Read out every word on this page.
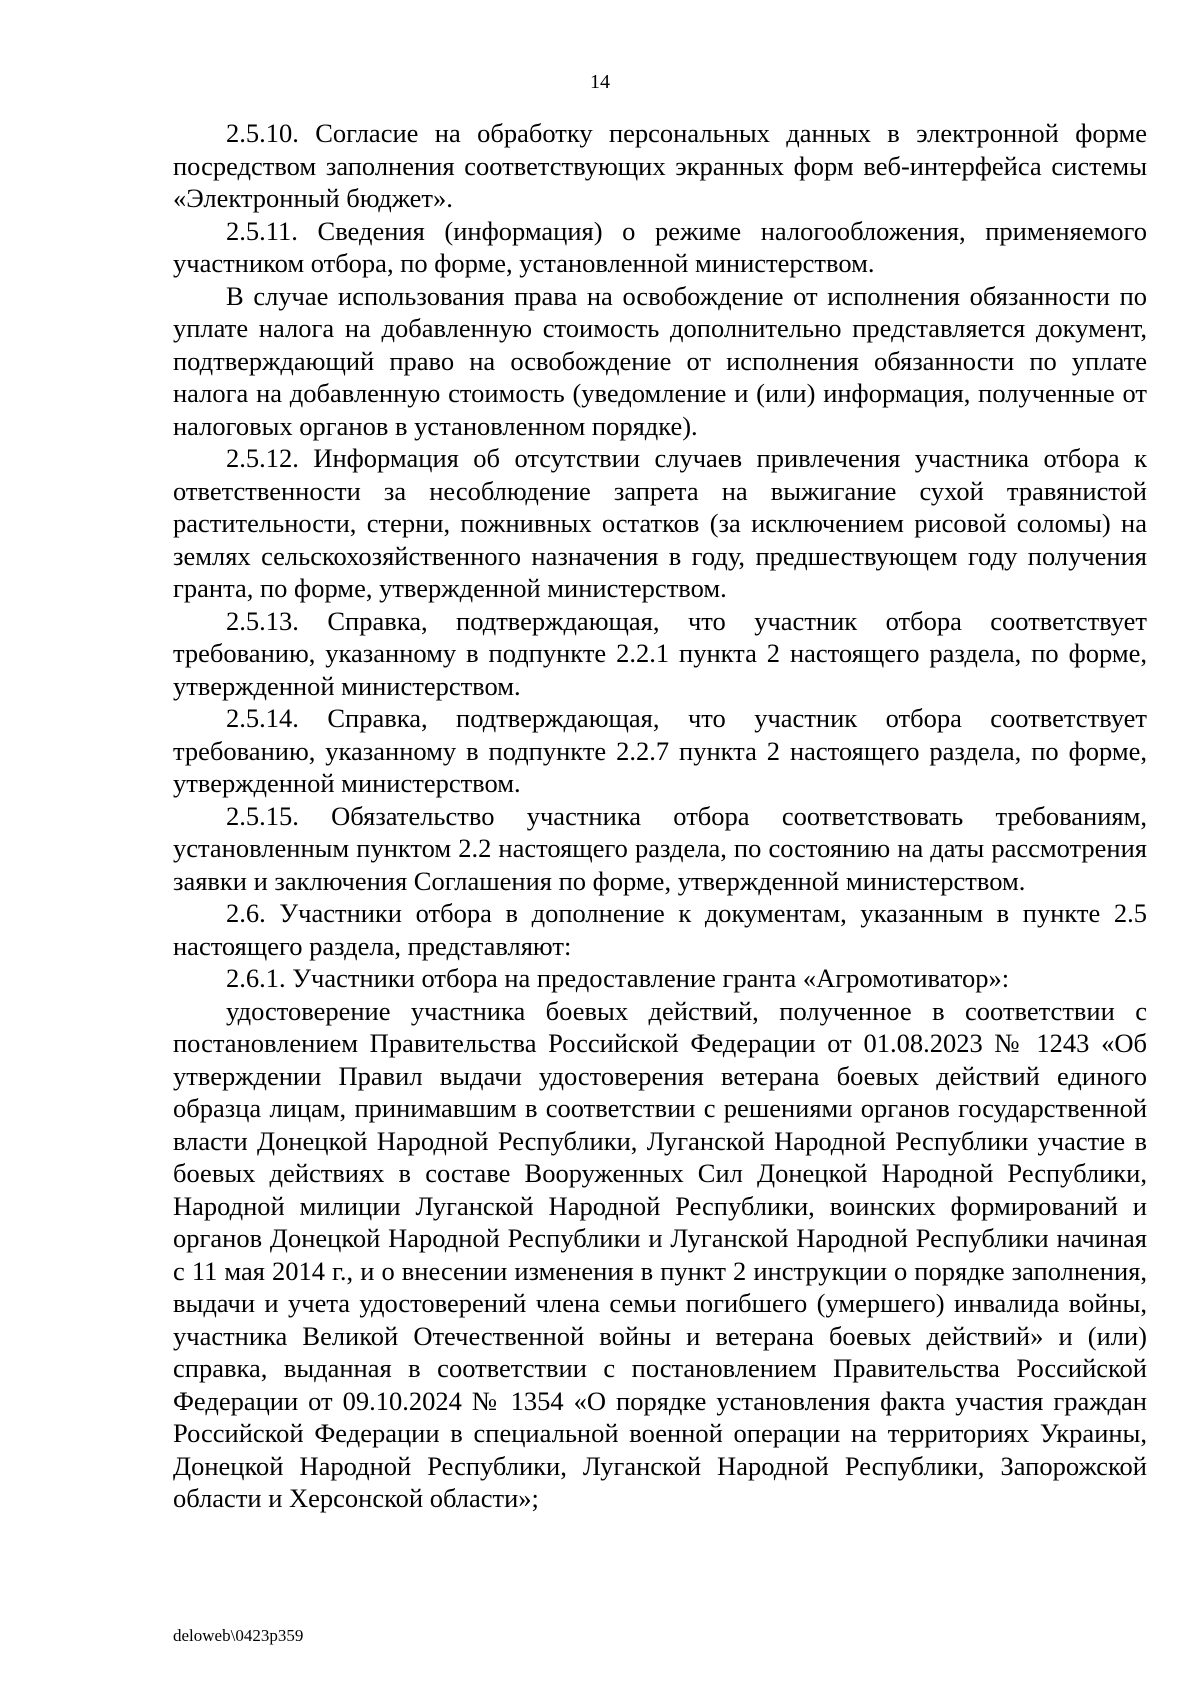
14

2.5.10. Согласие на обработку персональных данных в электронной форме посредством заполнения соответствующих экранных форм веб-интерфейса системы «Электронный бюджет».

2.5.11. Сведения (информация) о режиме налогообложения, применяемого участником отбора, по форме, установленной министерством.

В случае использования права на освобождение от исполнения обязанности по уплате налога на добавленную стоимость дополнительно представляется документ, подтверждающий право на освобождение от исполнения обязанности по уплате налога на добавленную стоимость (уведомление и (или) информация, полученные от налоговых органов в установленном порядке).

2.5.12. Информация об отсутствии случаев привлечения участника отбора к ответственности за несоблюдение запрета на выжигание сухой травянистой растительности, стерни, пожнивных остатков (за исключением рисовой соломы) на землях сельскохозяйственного назначения в году, предшествующем году получения гранта, по форме, утвержденной министерством.

2.5.13. Справка, подтверждающая, что участник отбора соответствует требованию, указанному в подпункте 2.2.1 пункта 2 настоящего раздела, по форме, утвержденной министерством.

2.5.14. Справка, подтверждающая, что участник отбора соответствует требованию, указанному в подпункте 2.2.7 пункта 2 настоящего раздела, по форме, утвержденной министерством.

2.5.15. Обязательство участника отбора соответствовать требованиям, установленным пунктом 2.2 настоящего раздела, по состоянию на даты рассмотрения заявки и заключения Соглашения по форме, утвержденной министерством.

2.6. Участники отбора в дополнение к документам, указанным в пункте 2.5 настоящего раздела, представляют:

2.6.1. Участники отбора на предоставление гранта «Агромотиватор»:

удостоверение участника боевых действий, полученное в соответствии с постановлением Правительства Российской Федерации от 01.08.2023 № 1243 «Об утверждении Правил выдачи удостоверения ветерана боевых действий единого образца лицам, принимавшим в соответствии с решениями органов государственной власти Донецкой Народной Республики, Луганской Народной Республики участие в боевых действиях в составе Вооруженных Сил Донецкой Народной Республики, Народной милиции Луганской Народной Республики, воинских формирований и органов Донецкой Народной Республики и Луганской Народной Республики начиная с 11 мая 2014 г., и о внесении изменения в пункт 2 инструкции о порядке заполнения, выдачи и учета удостоверений члена семьи погибшего (умершего) инвалида войны, участника Великой Отечественной войны и ветерана боевых действий» и (или) справка, выданная в соответствии с постановлением Правительства Российской Федерации от 09.10.2024 № 1354 «О порядке установления факта участия граждан Российской Федерации в специальной военной операции на территориях Украины, Донецкой Народной Республики, Луганской Народной Республики, Запорожской области и Херсонской области»;

deloweb\0423p359
